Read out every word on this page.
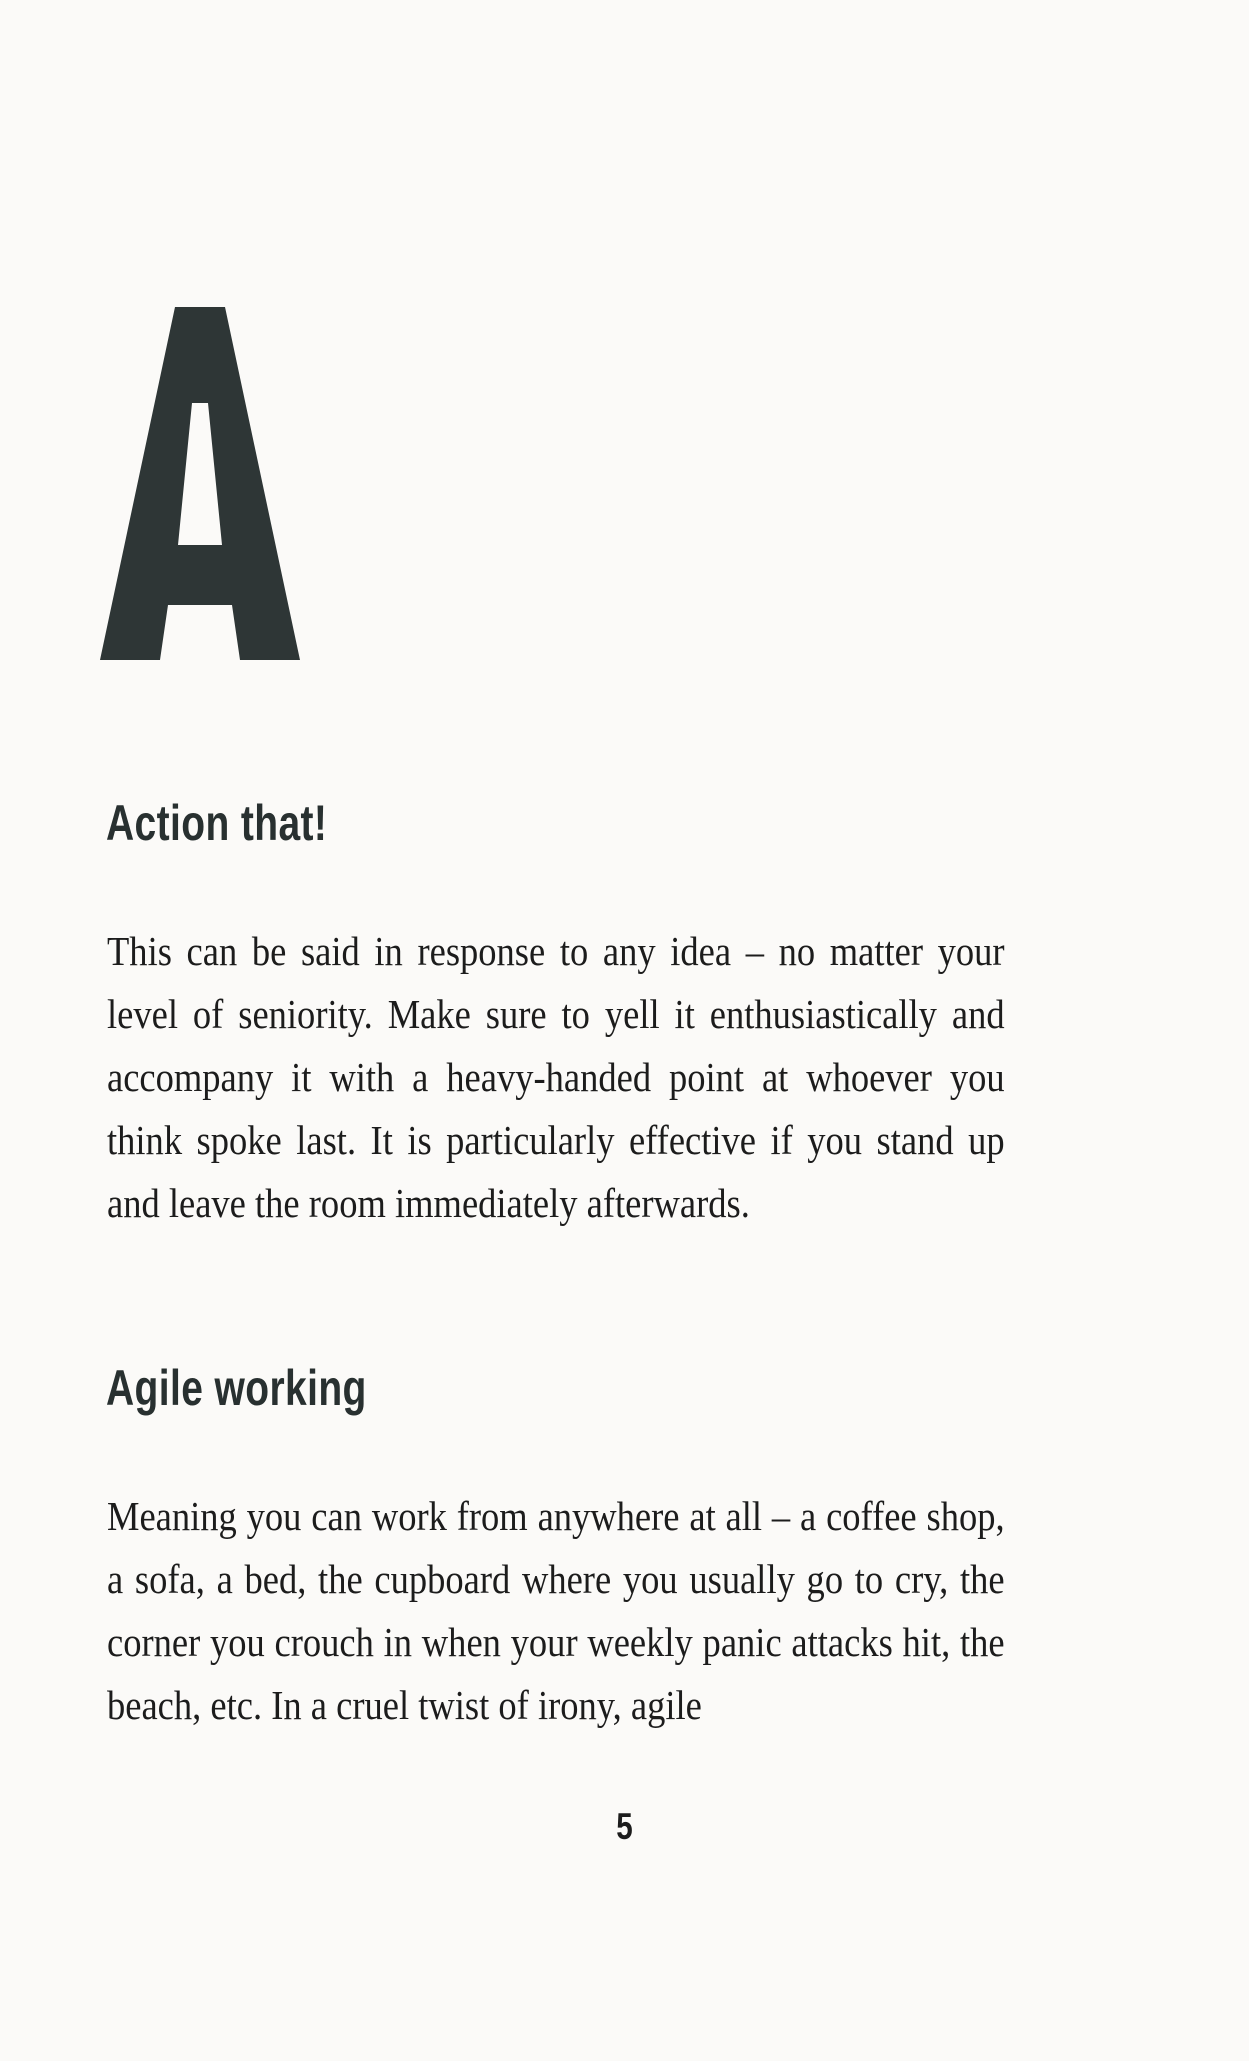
Action that!

This can be said in response to any idea – no matter your level of seniority. Make sure to yell it enthusiastically and accompany it with a heavy-handed point at whoever you think spoke last. It is particularly effective if you stand up and leave the room immediately afterwards.

Agile working

Meaning you can work from anywhere at all – a coffee shop, a sofa, a bed, the cupboard where you usually go to cry, the corner you crouch in when your weekly panic attacks hit, the beach, etc. In a cruel twist of irony, agile

5
